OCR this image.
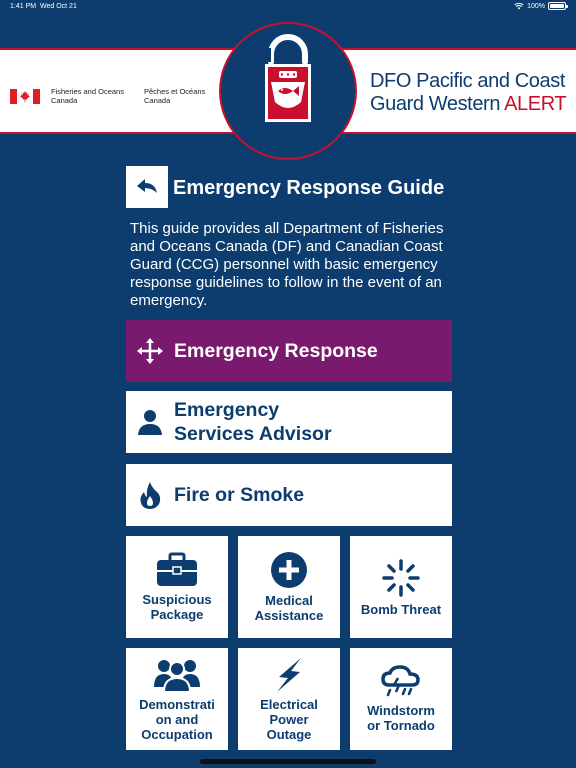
1:41 PM Wed Oct 21	100%
Fisheries and Oceans
Canada
Pêches et Océans
Canada
DFO Pacific and Coast
Guard Western ALERT
Emergency Response Guide

This guide provides all Department of Fisheries and Oceans Canada (DF) and Canadian Coast Guard (CCG) personnel with basic emergency response guidelines to follow in the event of an emergency.

Emergency Response
Emergency
Services Advisor
Fire or Smoke
Suspicious
Package
Medical
Assistance	Bomb Threat
Demonstrati
on and
Occupation
Electrical
Power
Outage
Windstorm
or Tornado
